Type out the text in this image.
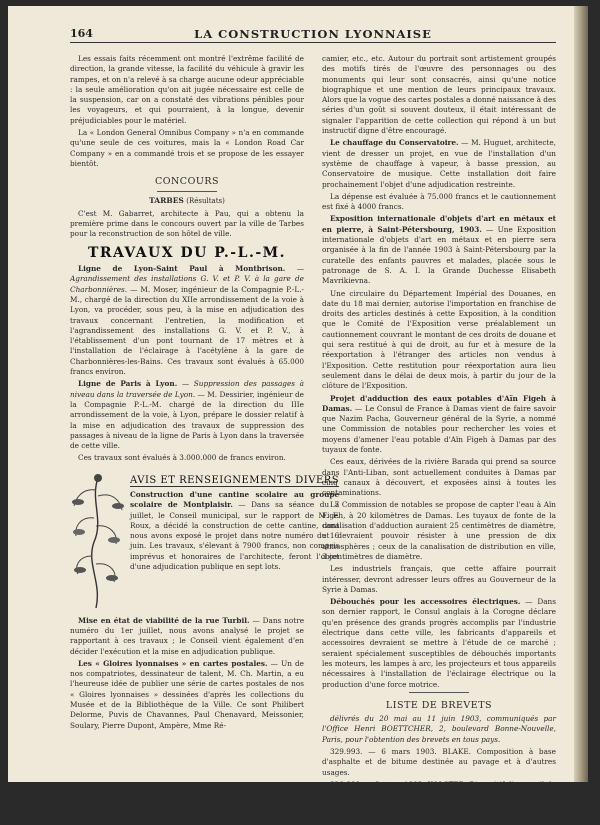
164	LA CONSTRUCTION LYONNAISE

Les essais faits récemment ont montré l'extrême facilité de direction, la grande vitesse, la facilité du véhicule à gravir les rampes, et on n'a relevé à sa charge aucune odeur appréciable : la seule amélioration qu'on ait jugée nécessaire est celle de la suspension, car on a constaté des vibrations pénibles pour les voyageurs, et qui pourraient, à la longue, devenir préjudiciables pour le matériel.

La « London General Omnibus Company » n'a en commande qu'une seule de ces voitures, mais la « London Road Car Company » en a commandé trois et se propose de les essayer bientôt.

CONCOURS
TARBES (Résultats)

C'est M. Gabarret, architecte à Pau, qui a obtenu la première prime dans le concours ouvert par la ville de Tarbes pour la reconstruction de son hôtel de ville.

TRAVAUX DU P.-L.-M.

Ligne de Lyon-Saint Paul à Montbrison. — Agrandissement des installations G. V. et P. V. à la gare de Charbonnières. — M. Moser, ingénieur de la Compagnie P.-L.-M., chargé de la direction du XIIe arrondissement de la voie à Lyon, va procéder, sous peu, à la mise en adjudication des travaux concernant l'entretien, la modification et l'agrandissement des installations G. V. et P. V., à l'établissement d'un pont tournant de 17 mètres et à l'installation de l'éclairage à l'acétylène à la gare de Charbonnières-les-Bains. Ces travaux sont évalués à 65.000 francs environ.

Ligne de Paris à Lyon. — Suppression des passages à niveau dans la traversée de Lyon. — M. Dessirier, ingénieur de la Compagnie P.-L.-M. chargé de la direction du IIIe arrondissement de la voie, à Lyon, prépare le dossier relatif à la mise en adjudication des travaux de suppression des passages à niveau de la ligne de Paris à Lyon dans la traversée de cette ville.

Ces travaux sont évalués à 3.000.000 de francs environ.

AVIS ET RENSEIGNEMENTS DIVERS

Construction d'une cantine scolaire au groupe scolaire de Montplaisir. — Dans sa séance du 7 juillet, le Conseil municipal, sur le rapport de M. F. Roux, a décidé la construction de cette cantine, dont nous avons exposé le projet dans notre numéro du 16 juin. Les travaux, s'élevant à 7900 francs, non compris imprévus et honoraires de l'architecte, feront l'objet d'une adjudication publique en sept lots.

Mise en état de viabilité de la rue Turbil. — Dans notre numéro du 1er juillet, nous avons analysé le projet se rapportant à ces travaux ; le Conseil vient également d'en décider l'exécution et la mise en adjudication publique.

Les « Gloires lyonnaises » en cartes postales. — Un de nos compatriotes, dessinateur de talent, M. Ch. Martin, a eu l'heureuse idée de publier une série de cartes postales de nos « Gloires lyonnaises » dessinées d'après les collections du Musée et de la Bibliothèque de la Ville. Ce sont Philibert Delorme, Puvis de Chavannes, Paul Chenavard, Meissonier, Soulary, Pierre Dupont, Ampère, Mme Ré-

camier, etc., etc. Autour du portrait sont artistement groupés des motifs tirés de l'œuvre des personnages ou des monuments qui leur sont consacrés, ainsi qu'une notice biographique et une mention de leurs principaux travaux. Alors que la vogue des cartes postales a donné naissance à des séries d'un goût si souvent douteux, il était intéressant de signaler l'apparition de cette collection qui répond à un but instructif digne d'être encouragé.

Le chauffage du Conservatoire. — M. Huguet, architecte, vient de dresser un projet, en vue de l'installation d'un système de chauffage à vapeur, à basse pression, au Conservatoire de musique. Cette installation doit faire prochainement l'objet d'une adjudication restreinte.

La dépense est évaluée à 75.000 francs et le cautionnement est fixé à 4000 francs.

Exposition internationale d'objets d'art en métaux et en pierre, à Saint-Pétersbourg, 1903. — Une Exposition internationale d'objets d'art en métaux et en pierre sera organisée à la fin de l'année 1903 à Saint-Pétersbourg par la curatelle des enfants pauvres et malades, placée sous le patronage de S. A. I. la Grande Duchesse Elisabeth Mavrikievna.

Une circulaire du Département Impérial des Douanes, en date du 18 mai dernier, autorise l'importation en franchise de droits des articles destinés à cette Exposition, à la condition que le Comité de l'Exposition verse préalablement un cautionnement couvrant le montant de ces droits de douane et qui sera restitué à qui de droit, au fur et à mesure de la réexportation à l'étranger des articles non vendus à l'Exposition. Cette restitution pour réexportation aura lieu seulement dans le délai de deux mois, à partir du jour de la clôture de l'Exposition.

Projet d'adduction des eaux potables d'Aïn Figeh à Damas. — Le Consul de France à Damas vient de faire savoir que Nazim Pacha, Gouverneur général de la Syrie, a nommé une Commission de notables pour rechercher les voies et moyens d'amener l'eau potable d'Aïn Figeh à Damas par des tuyaux de fonte.

Ces eaux, dérivées de la rivière Barada qui prend sa source dans l'Anti-Liban, sont actuellement conduites à Damas par cinq canaux à découvert, et exposées ainsi à toutes les contaminations.

La Commission de notables se propose de capter l'eau à Aïn Figeh, à 20 kilomètres de Damas. Les tuyaux de fonte de la canalisation d'adduction auraient 25 centimètres de diamètre, et devraient pouvoir résister à une pression de dix atmosphères ; ceux de la canalisation de distribution en ville, 3 centimètres de diamètre.

Les industriels français, que cette affaire pourrait intéresser, devront adresser leurs offres au Gouverneur de la Syrie à Damas.

Débouchés pour les accessoires électriques. — Dans son dernier rapport, le Consul anglais à la Corogne déclare qu'en présence des grands progrès accomplis par l'industrie électrique dans cette ville, les fabricants d'appareils et accessoires devraient se mettre à l'étude de ce marché ; seraient spécialement susceptibles de débouchés importants les moteurs, les lampes à arc, les projecteurs et tous appareils nécessaires à l'installation de l'éclairage électrique ou la production d'une force motrice.

LISTE DE BREVETS

délivrés du 20 mai au 11 juin 1903, communiqués par l'Office Henri BOETTCHER, 2, boulevard Bonne-Nouvelle, Paris, pour l'obtention des brevets en tous pays.

329.993. — 6 mars 1903. BLAKE. Composition à base d'asphalte et de bitume destinée au pavage et à d'autres usages.

329.888. — 2 mars 1903. KOLSTER. Dispositif d'appareil de chasse de siphon.

329.898. — 6 mars 1903. TALLET. Perfectionnements aux tentes-stores.
